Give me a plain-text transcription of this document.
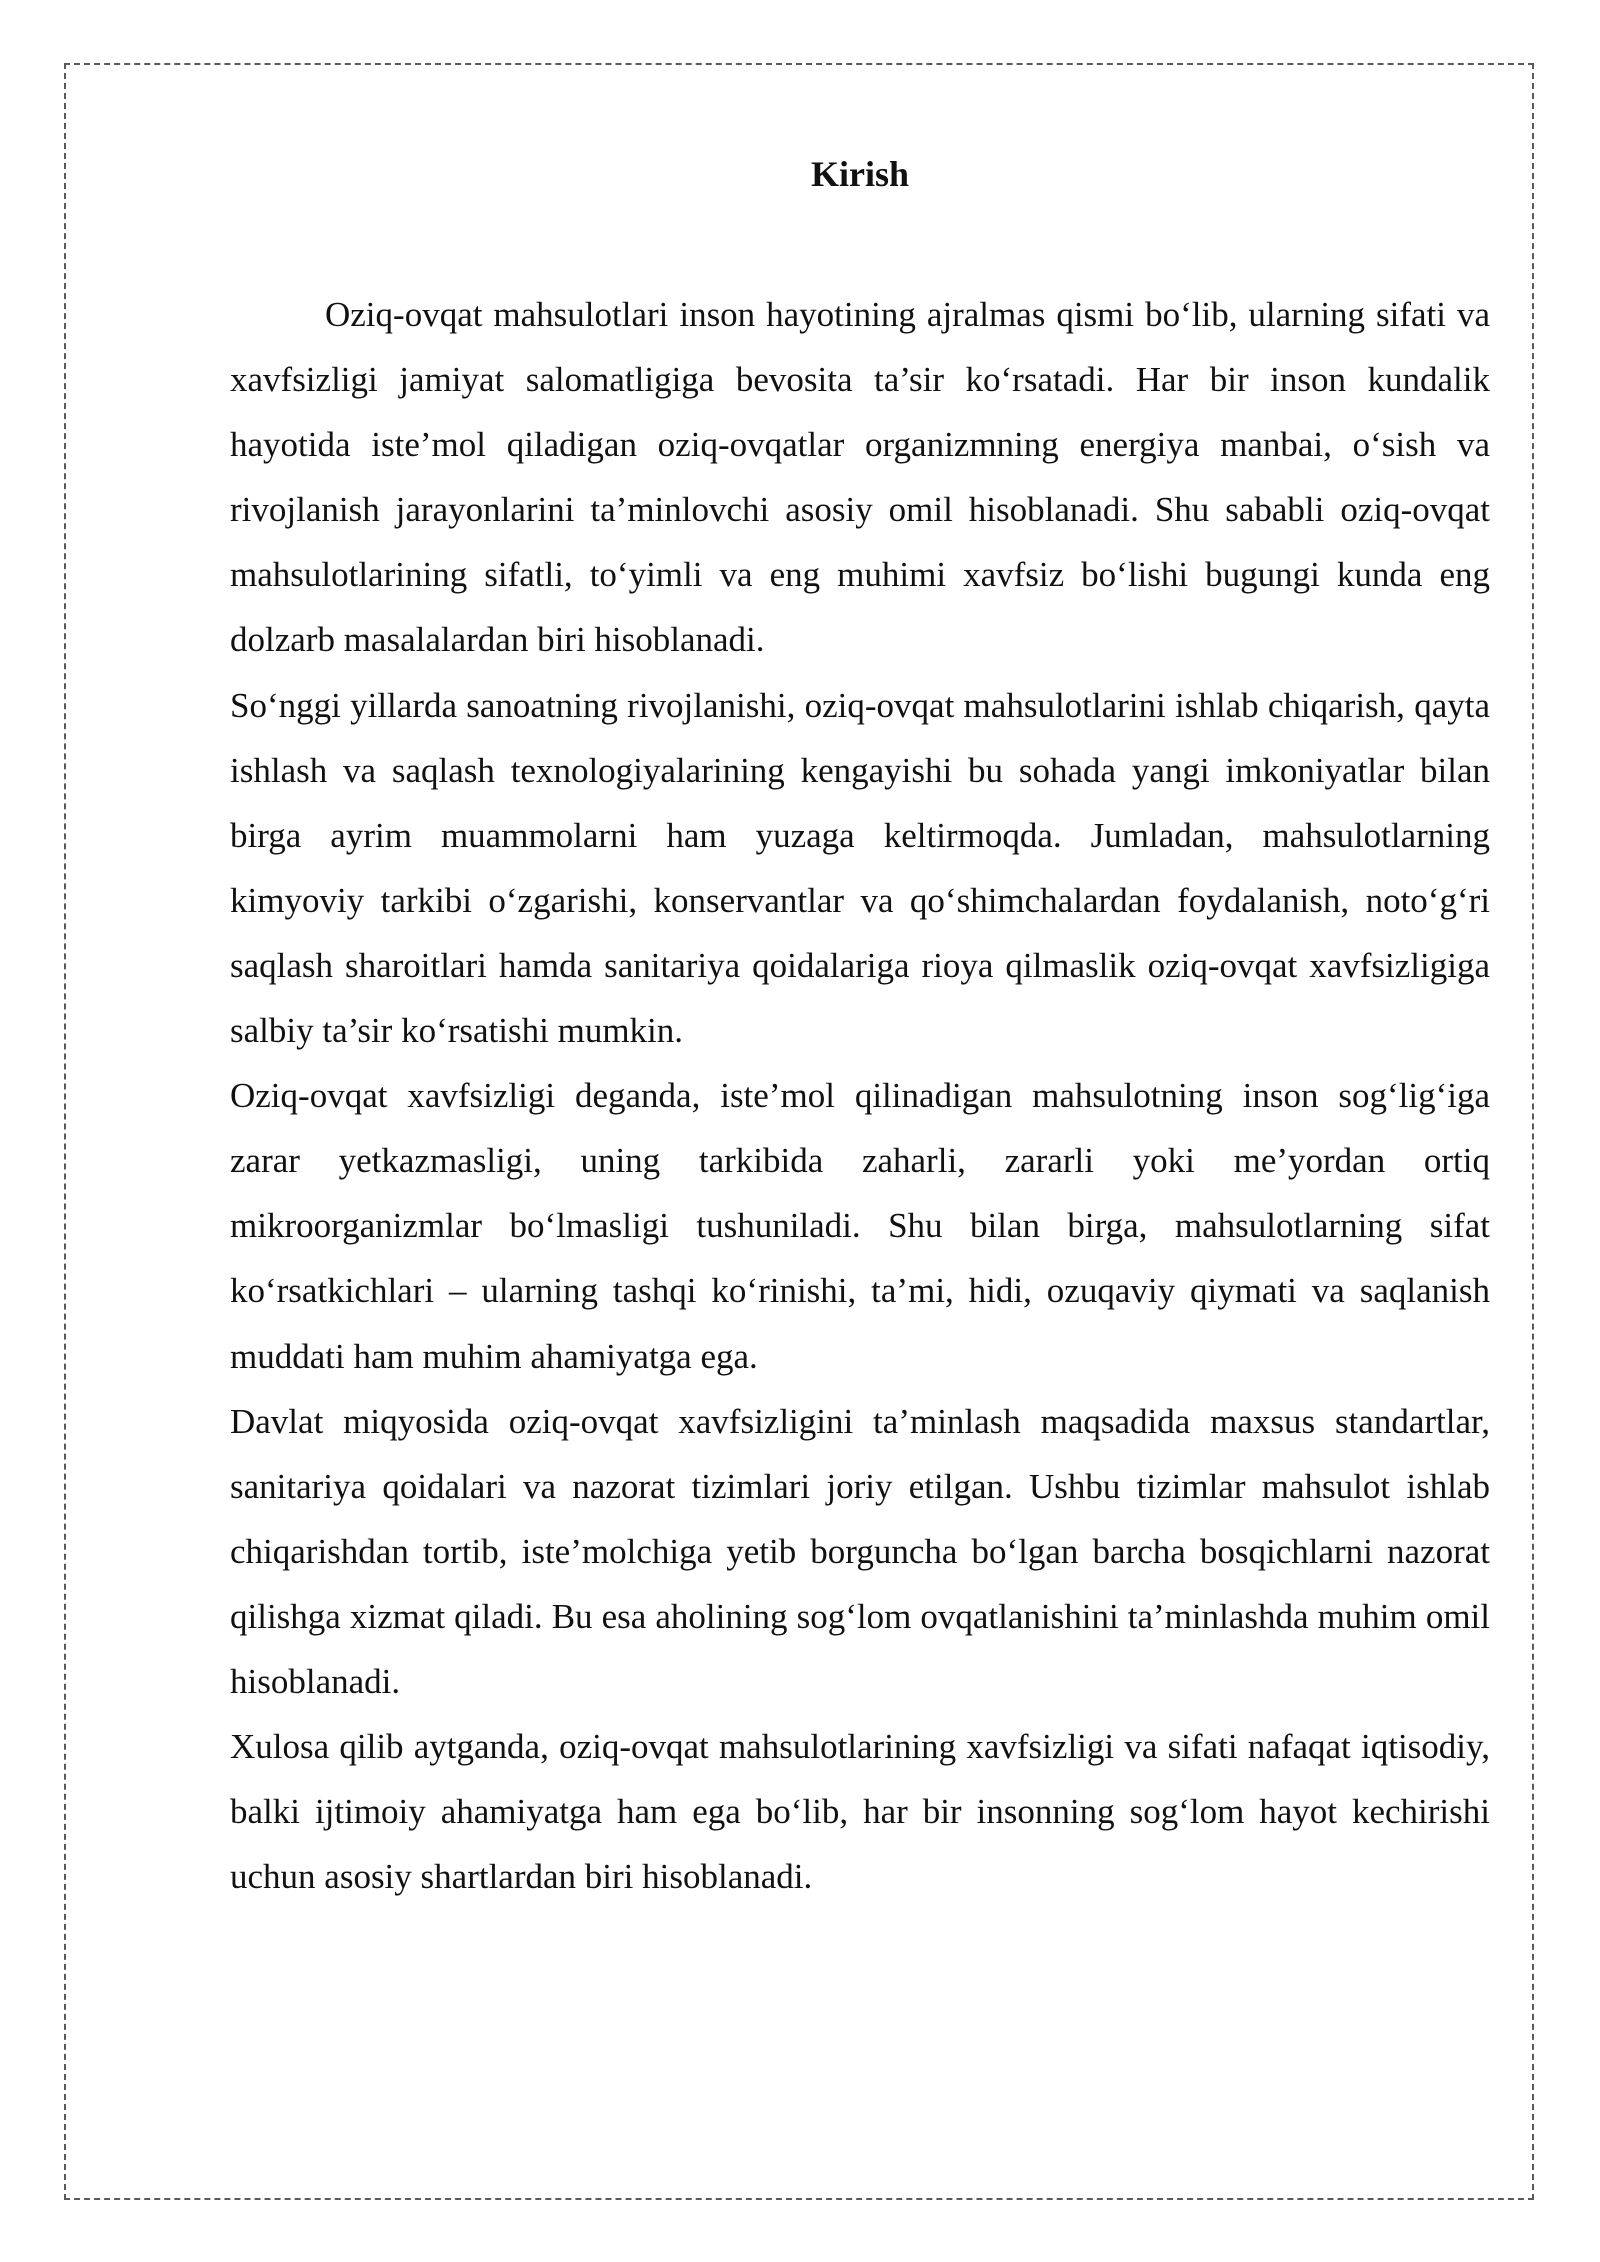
Kirish

Oziq-ovqat mahsulotlari inson hayotining ajralmas qismi bo‘lib, ularning sifati va xavfsizligi jamiyat salomatligiga bevosita ta’sir ko‘rsatadi. Har bir inson kundalik hayotida iste’mol qiladigan oziq-ovqatlar organizmning energiya manbai, o‘sish va rivojlanish jarayonlarini ta’minlovchi asosiy omil hisoblanadi. Shu sababli oziq-ovqat mahsulotlarining sifatli, to‘yimli va eng muhimi xavfsiz bo‘lishi bugungi kunda eng dolzarb masalalardan biri hisoblanadi.

So‘nggi yillarda sanoatning rivojlanishi, oziq-ovqat mahsulotlarini ishlab chiqarish, qayta ishlash va saqlash texnologiyalarining kengayishi bu sohada yangi imkoniyatlar bilan birga ayrim muammolarni ham yuzaga keltirmoqda. Jumladan, mahsulotlarning kimyoviy tarkibi o‘zgarishi, konservantlar va qo‘shimchalardan foydalanish, noto‘g‘ri saqlash sharoitlari hamda sanitariya qoidalariga rioya qilmaslik oziq-ovqat xavfsizligiga salbiy ta’sir ko‘rsatishi mumkin.

Oziq-ovqat xavfsizligi deganda, iste’mol qilinadigan mahsulotning inson sog‘lig‘iga zarar yetkazmasligi, uning tarkibida zaharli, zararli yoki me’yordan ortiq mikroorganizmlar bo‘lmasligi tushuniladi. Shu bilan birga, mahsulotlarning sifat ko‘rsatkichlari – ularning tashqi ko‘rinishi, ta’mi, hidi, ozuqaviy qiymati va saqlanish muddati ham muhim ahamiyatga ega.

Davlat miqyosida oziq-ovqat xavfsizligini ta’minlash maqsadida maxsus standartlar, sanitariya qoidalari va nazorat tizimlari joriy etilgan. Ushbu tizimlar mahsulot ishlab chiqarishdan tortib, iste’molchiga yetib borguncha bo‘lgan barcha bosqichlarni nazorat qilishga xizmat qiladi. Bu esa aholining sog‘lom ovqatlanishini ta’minlashda muhim omil hisoblanadi.

Xulosa qilib aytganda, oziq-ovqat mahsulotlarining xavfsizligi va sifati nafaqat iqtisodiy, balki ijtimoiy ahamiyatga ham ega bo‘lib, har bir insonning sog‘lom hayot kechirishi uchun asosiy shartlardan biri hisoblanadi.
